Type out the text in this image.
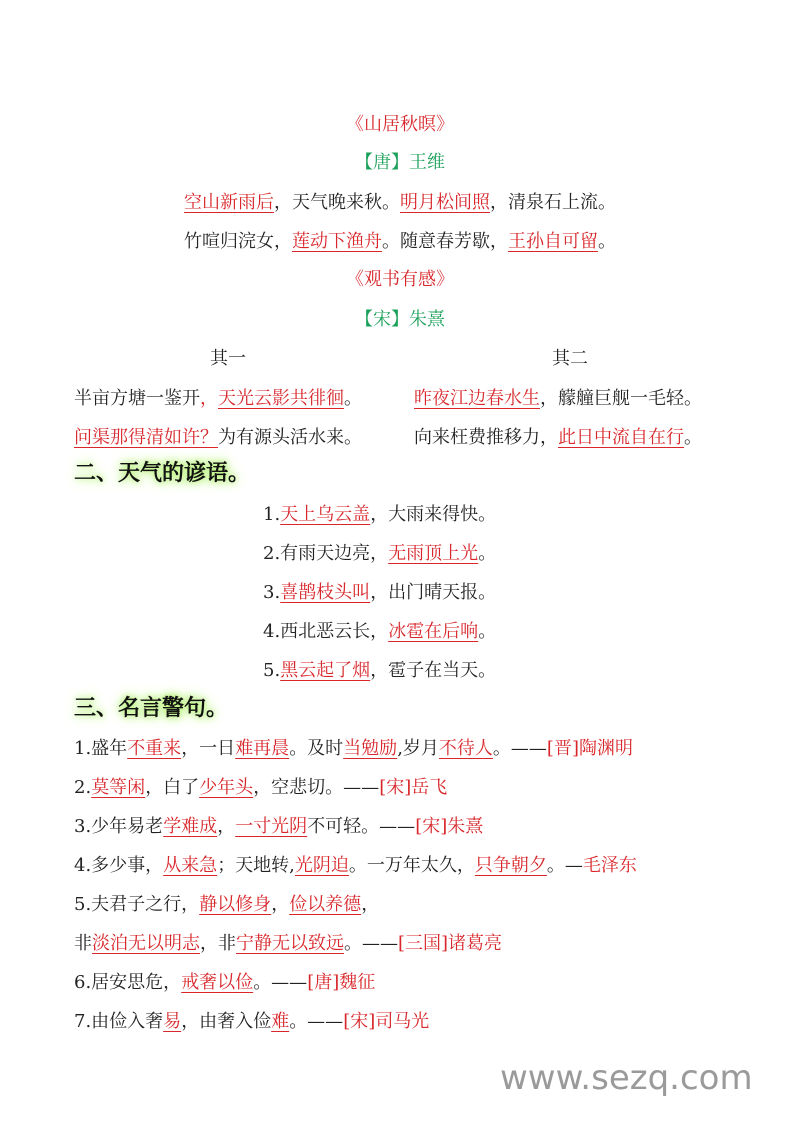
《山居秋暝》
【唐】王维
空山新雨后，天气晚来秋。明月松间照，清泉石上流。
竹喧归浣女，莲动下渔舟。随意春芳歇，王孙自可留。
《观书有感》
【宋】朱熹
其一	其二
半亩方塘一鉴开，天光云影共徘徊。	昨夜江边春水生，艨艟巨舰一毛轻。
问渠那得清如许？为有源头活水来。	向来枉费推移力，此日中流自在行。
二、天气的谚语。
1.天上乌云盖，大雨来得快。
2.有雨天边亮，无雨顶上光。
3.喜鹊枝头叫，出门晴天报。
4.西北恶云长，冰雹在后响。
5.黑云起了烟，雹子在当天。
三、名言警句。
1.盛年不重来，一日难再晨。及时当勉励,岁月不待人。——[晋]陶渊明
2.莫等闲，白了少年头，空悲切。——[宋]岳飞
3.少年易老学难成，一寸光阴不可轻。——[宋]朱熹
4.多少事，从来急；天地转,光阴迫。一万年太久，只争朝夕。—毛泽东
5.夫君子之行，静以修身，俭以养德，
非淡泊无以明志，非宁静无以致远。——[三国]诸葛亮
6.居安思危，戒奢以俭。——[唐]魏征
7.由俭入奢易，由奢入俭难。——[宋]司马光
www.sezq.com
